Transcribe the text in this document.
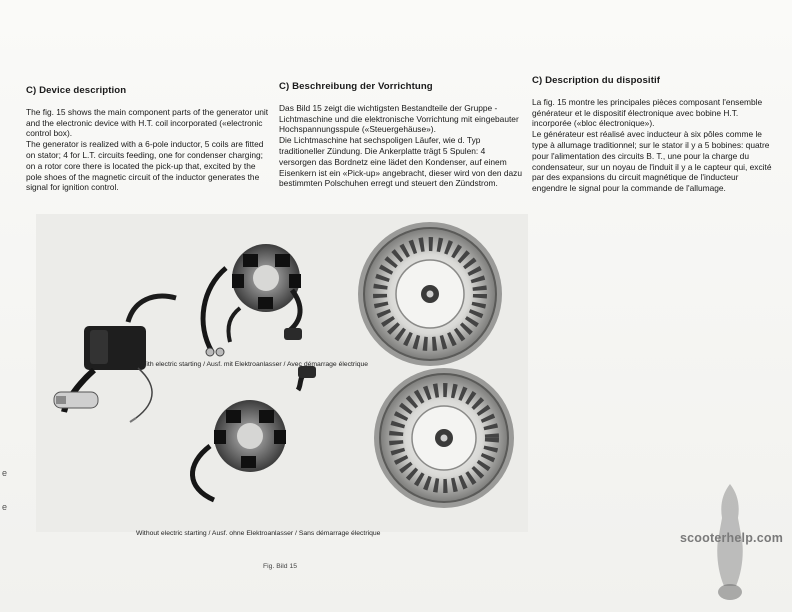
C) Device description

The fig. 15 shows the main component parts of the generator unit and the electronic device with H.T. coil incorporated («electronic control box).

The generator is realized with a 6-pole inductor, 5 coils are fitted on stator; 4 for L.T. circuits feeding, one for condenser charging; on a rotor core there is located the pick-up that, excited by the pole shoes of the magnetic circuit of the inductor generates the signal for ignition control.

C) Beschreibung der Vorrichtung

Das Bild 15 zeigt die wichtigsten Bestandteile der Gruppe - Lichtmaschine und die elektronische Vorrichtung mit eingebauter Hochspannungsspule («Steuergehäuse»).

Die Lichtmaschine hat sechspoligen Läufer, wie d. Typ traditioneller Zündung. Die Ankerplatte trägt 5 Spulen: 4 versorgen das Bordnetz eine lädet den Kondenser, auf einem Eisenkern ist ein «Pick-up» angebracht, dieser wird von den dazu bestimmten Polschuhen erregt und steuert den Zündstrom.

C) Description du dispositif

La fig. 15 montre les principales pièces composant l'ensemble générateur et le dispositif électronique avec bobine H.T. incorporée («bloc électronique»).

Le générateur est réalisé avec inducteur à six pôles comme le type à allumage traditionnel; sur le stator il y a 5 bobines: quatre pour l'alimentation des circuits B. T., une pour la charge du condensateur, sur un noyau de l'induit il y a le capteur qui, excité par des expansions du circuit magnétique de l'inducteur engendre le signal pour la commande de l'allumage.

With electric starting / Ausf. mit Elektroanlasser / Avec démarrage électrique
Without electric starting / Ausf. ohne Elektroanlasser / Sans démarrage électrique
Fig. Bild 15
scooterhelp.com
e
e
